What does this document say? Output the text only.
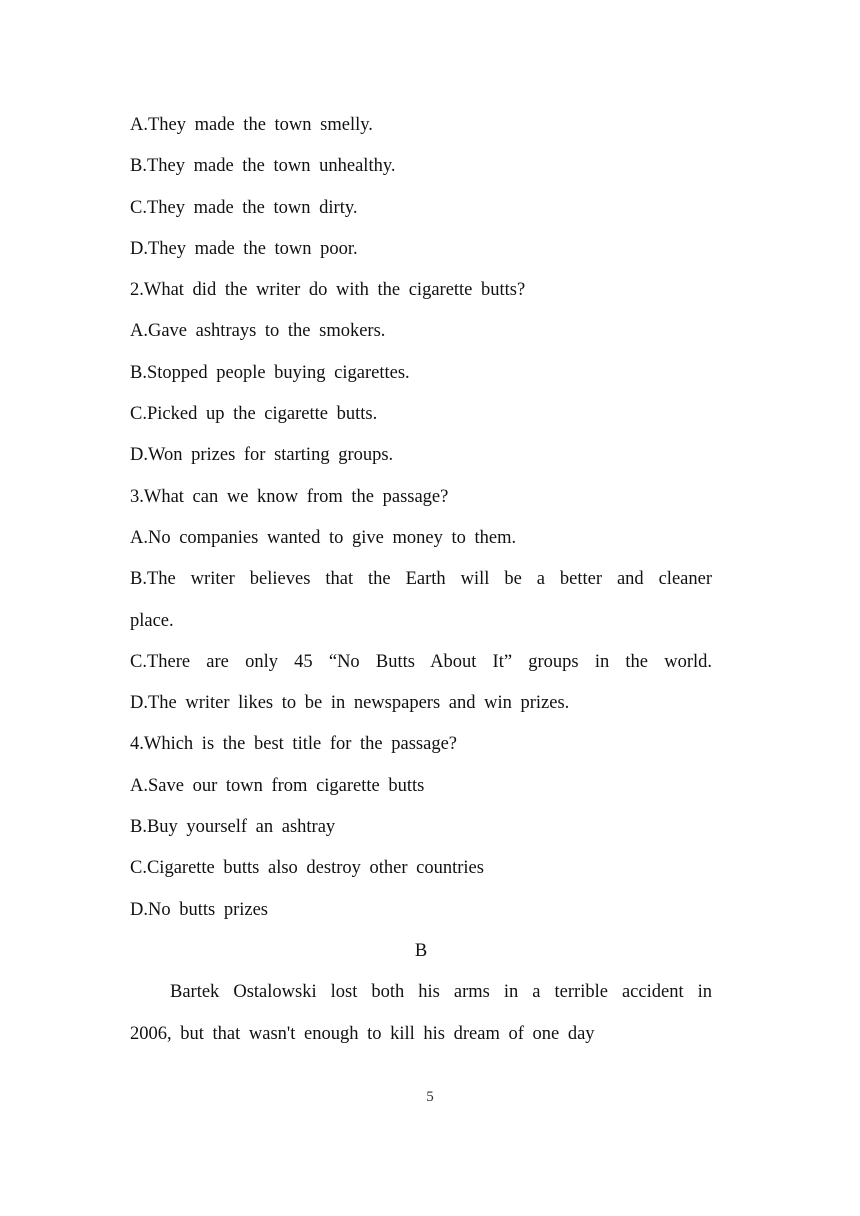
A.They made the town smelly.
B.They made the town unhealthy.
C.They made the town dirty.
D.They made the town poor.
2.What did the writer do with the cigarette butts?
A.Gave ashtrays to the smokers.
B.Stopped people buying cigarettes.
C.Picked up the cigarette butts.
D.Won prizes for starting groups.
3.What can we know from the passage?
A.No companies wanted to give money to them.
B.The writer believes that the Earth will be a better and cleaner
place.
C.There are only 45 “No Butts About It” groups in the world.
D.The writer likes to be in newspapers and win prizes.
4.Which is the best title for the passage?
A.Save our town from cigarette butts
B.Buy yourself an ashtray
C.Cigarette butts also destroy other countries
D.No butts prizes
B
Bartek Ostalowski lost both his arms in a terrible accident in
2006, but that wasn't enough to kill his dream of one day
5
